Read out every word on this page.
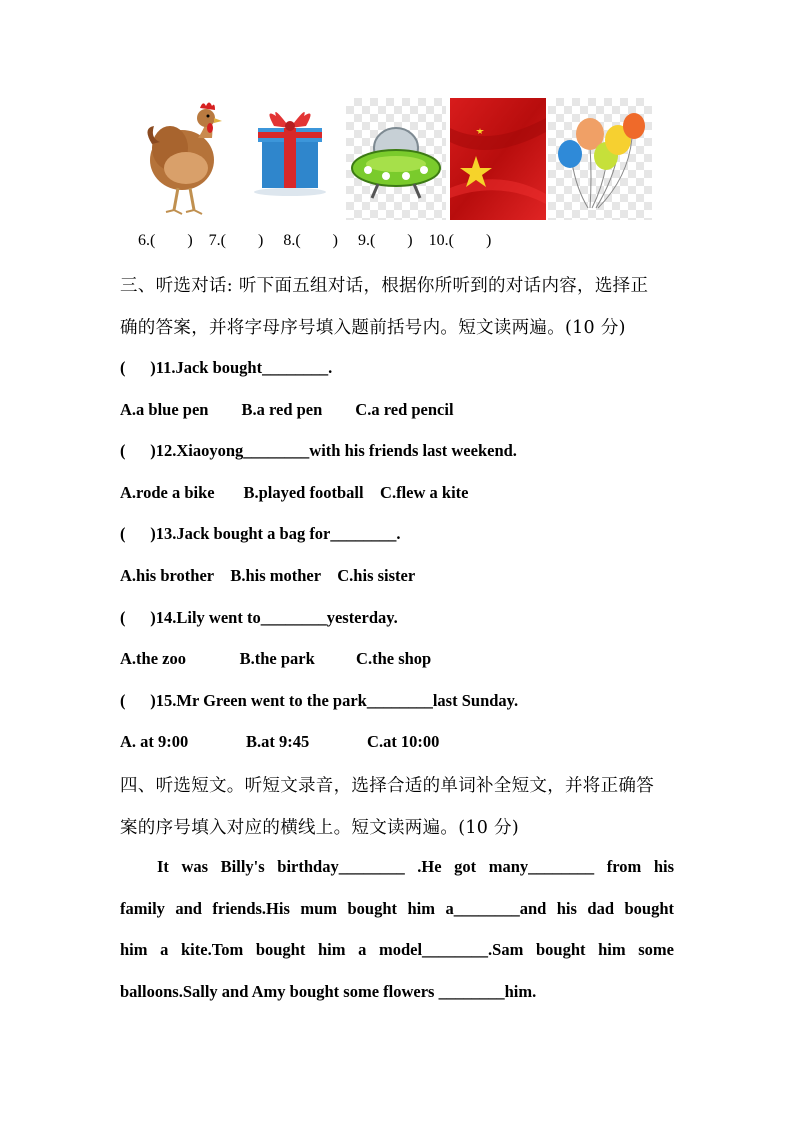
6.(        )    7.(        )     8.(        )     9.(        )    10.(        )
三、听选对话: 听下面五组对话，根据你所听到的对话内容，选择正
确的答案，并将字母序号填入题前括号内。短文读两遍。(10 分)
(      )11.Jack bought________.
A.a blue pen        B.a red pen        C.a red pencil
(      )12.Xiaoyong________with his friends last weekend.
A.rode a bike       B.played football    C.flew a kite
(      )13.Jack bought a bag for________.
A.his brother    B.his mother    C.his sister
(      )14.Lily went to________yesterday.
A.the zoo             B.the park          C.the shop
(      )15.Mr Green went to the park________last Sunday.
A. at 9:00              B.at 9:45              C.at 10:00
四、听选短文。听短文录音，选择合适的单词补全短文，并将正确答
案的序号填入对应的横线上。短文读两遍。(10 分)
It was Billy's birthday________ .He got many________ from his
family and friends.His mum bought him a________and his dad bought
him a kite.Tom bought him a model________.Sam bought him some
balloons.Sally and Amy bought some flowers ________him.
